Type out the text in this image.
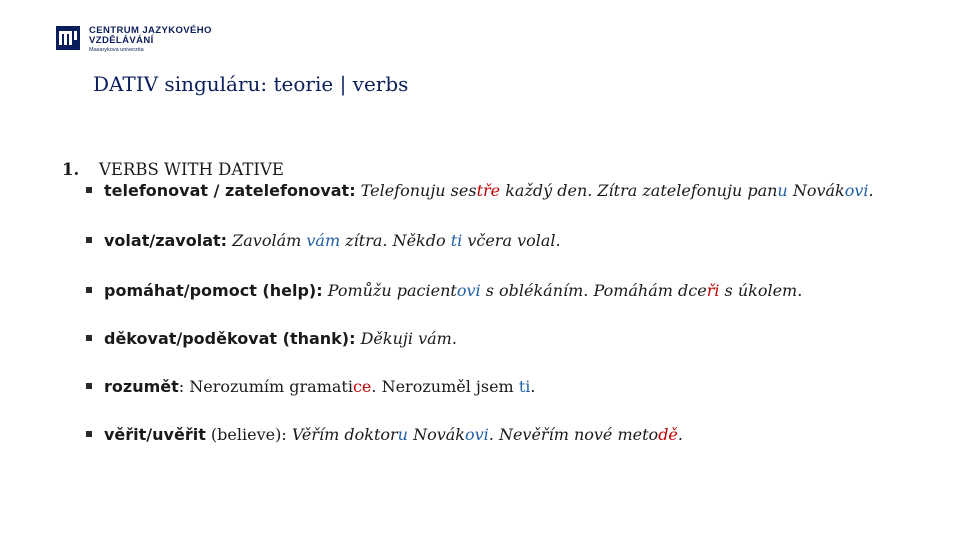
CENTRUM JAZYKOVÉHO
VZDĚLÁVÁNÍ
Masarykova univerzita
DATIV singuláru: teorie | verbs
1. VERBS WITH DATIVE
telefonovat / zatelefonovat: Telefonuju sestře každý den. Zítra zatelefonuju panu Novákovi.
volat/zavolat: Zavolám vám zítra. Někdo ti včera volal.
pomáhat/pomoct (help): Pomůžu pacientovi s oblékáním. Pomáhám dceři s úkolem.
děkovat/poděkovat (thank): Děkuji vám.
rozumět: Nerozumím gramatice. Nerozuměl jsem ti.
věřit/uvěřit (believe): Věřím doktoru Novákovi. Nevěřím nové metodě.
